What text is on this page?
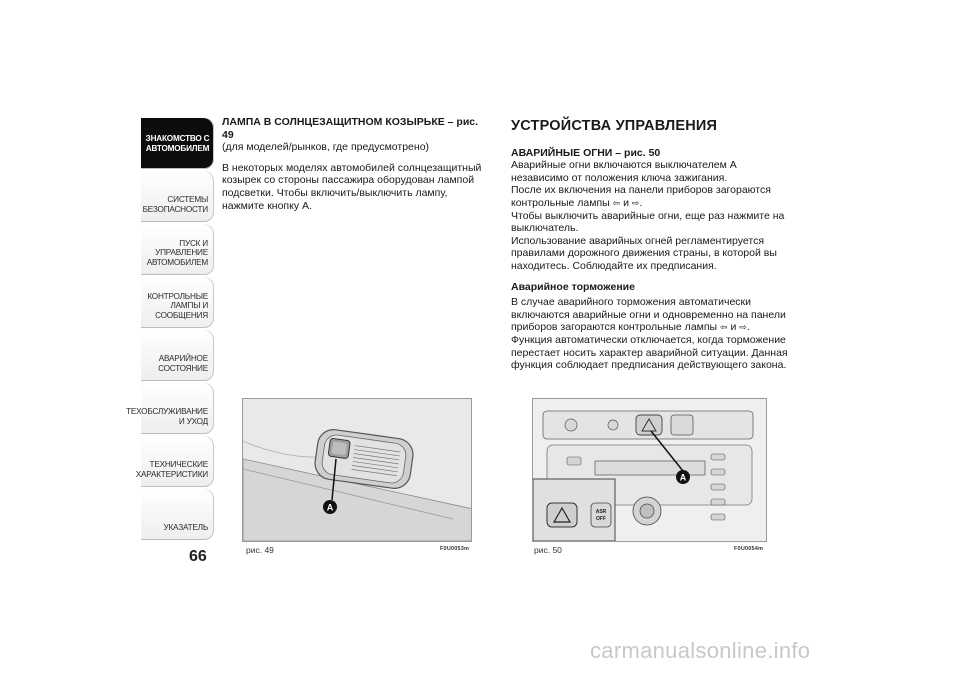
ЗНАКОМСТВО С
АВТОМОБИЛЕМ
СИСТЕМЫ
БЕЗОПАСНОСТИ
ПУСК И УПРАВЛЕНИЕ
АВТОМОБИЛЕМ
КОНТРОЛЬНЫЕ
ЛАМПЫ И
СООБЩЕНИЯ
АВАРИЙНОЕ
СОСТОЯНИЕ
ТЕХОБСЛУЖИВАНИЕ
И УХОД
ТЕХНИЧЕСКИЕ
ХАРАКТЕРИСТИКИ
УКАЗАТЕЛЬ
66

ЛАМПА В СОЛНЦЕЗАЩИТНОМ КОЗЫРЬКЕ – рис. 49

(для моделей/рынков, где предусмотрено)

В некоторых моделях автомобилей солнцезащитный козырек со стороны пассажира оборудован лампой подсветки. Чтобы включить/выключить лампу, нажмите кнопку А.

УСТРОЙСТВА УПРАВЛЕНИЯ

АВАРИЙНЫЕ ОГНИ – рис. 50

Аварийные огни включаются выключателем А независимо от положения ключа зажигания.

После их включения на панели приборов загораются контрольные лампы ⇦ и ⇨.

Чтобы выключить аварийные огни, еще раз нажмите на выключатель.

Использование аварийных огней регламентируется правилами дорожного движения страны, в которой вы находитесь. Соблюдайте их предписания.

Аварийное торможение

В случае аварийного торможения автоматически включаются аварийные огни и одновременно на панели приборов загораются контрольные лампы ⇦ и ⇨.

Функция автоматически отключается, когда торможение перестает носить характер аварийной ситуации. Данная функция соблюдает предписания действующего закона.

A
рис. 49	F0U0053m
ASR
OFF
A
рис. 50	F0U0054m
carmanualsonline.info
